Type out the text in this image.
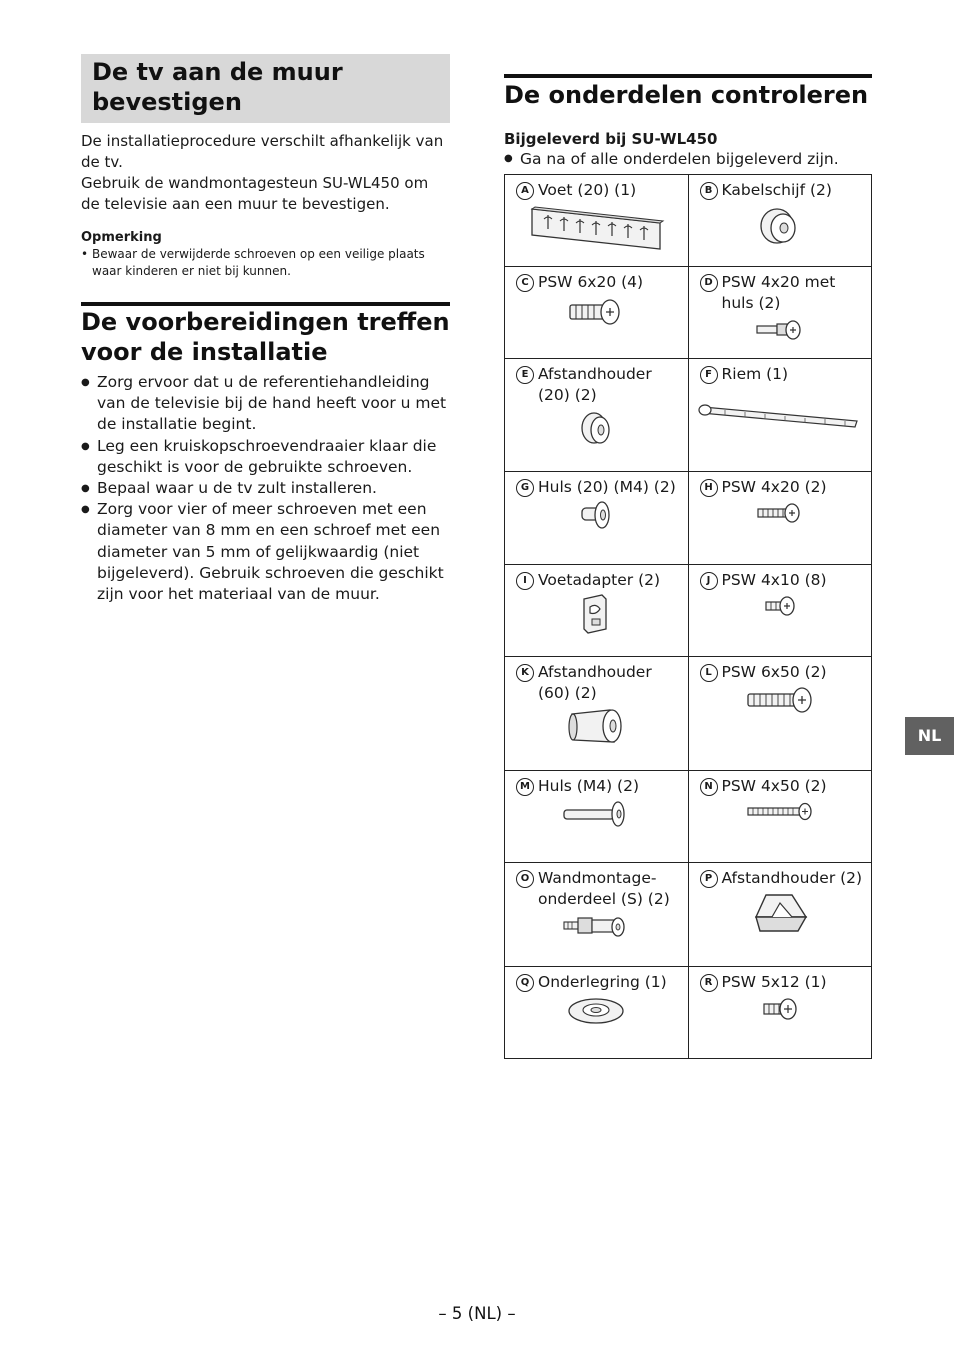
De tv aan de muur bevestigen

De installatieprocedure verschilt afhankelijk van de tv.

Gebruik de wandmontagesteun SU-WL450 om de televisie aan een muur te bevestigen.

Opmerking
• Bewaar de verwijderde schroeven op een veilige plaats waar kinderen er niet bij kunnen.
De voorbereidingen treffen voor de installatie
● Zorg ervoor dat u de referentiehandleiding van de televisie bij de hand heeft voor u met de installatie begint.
● Leg een kruiskopschroevendraaier klaar die geschikt is voor de gebruikte schroeven.
● Bepaal waar u de tv zult installeren.
● Zorg voor vier of meer schroeven met een diameter van 8 mm en een schroef met een diameter van 5 mm of gelijkwaardig (niet bijgeleverd). Gebruik schroeven die geschikt zijn voor het materiaal van de muur.
De onderdelen controleren
Bijgeleverd bij SU-WL450
● Ga na of alle onderdelen bijgeleverd zijn.
A Voet (20) (1)	B Kabelschijf (2)

C PSW 6x20 (4)	D PSW 4x20 met huls (2)

E Afstandhouder (20) (2)	F Riem (1)

G Huls (20) (M4) (2)	H PSW 4x20 (2)

I Voetadapter (2)	J PSW 4x10 (8)

K Afstandhouder (60) (2)	L PSW 6x50 (2)

M Huls (M4) (2)	N PSW 4x50 (2)

O Wandmontage-onderdeel (S) (2)	P Afstandhouder (2)

Q Onderlegring (1)	R PSW 5x12 (1)
NL
– 5 (NL) –
